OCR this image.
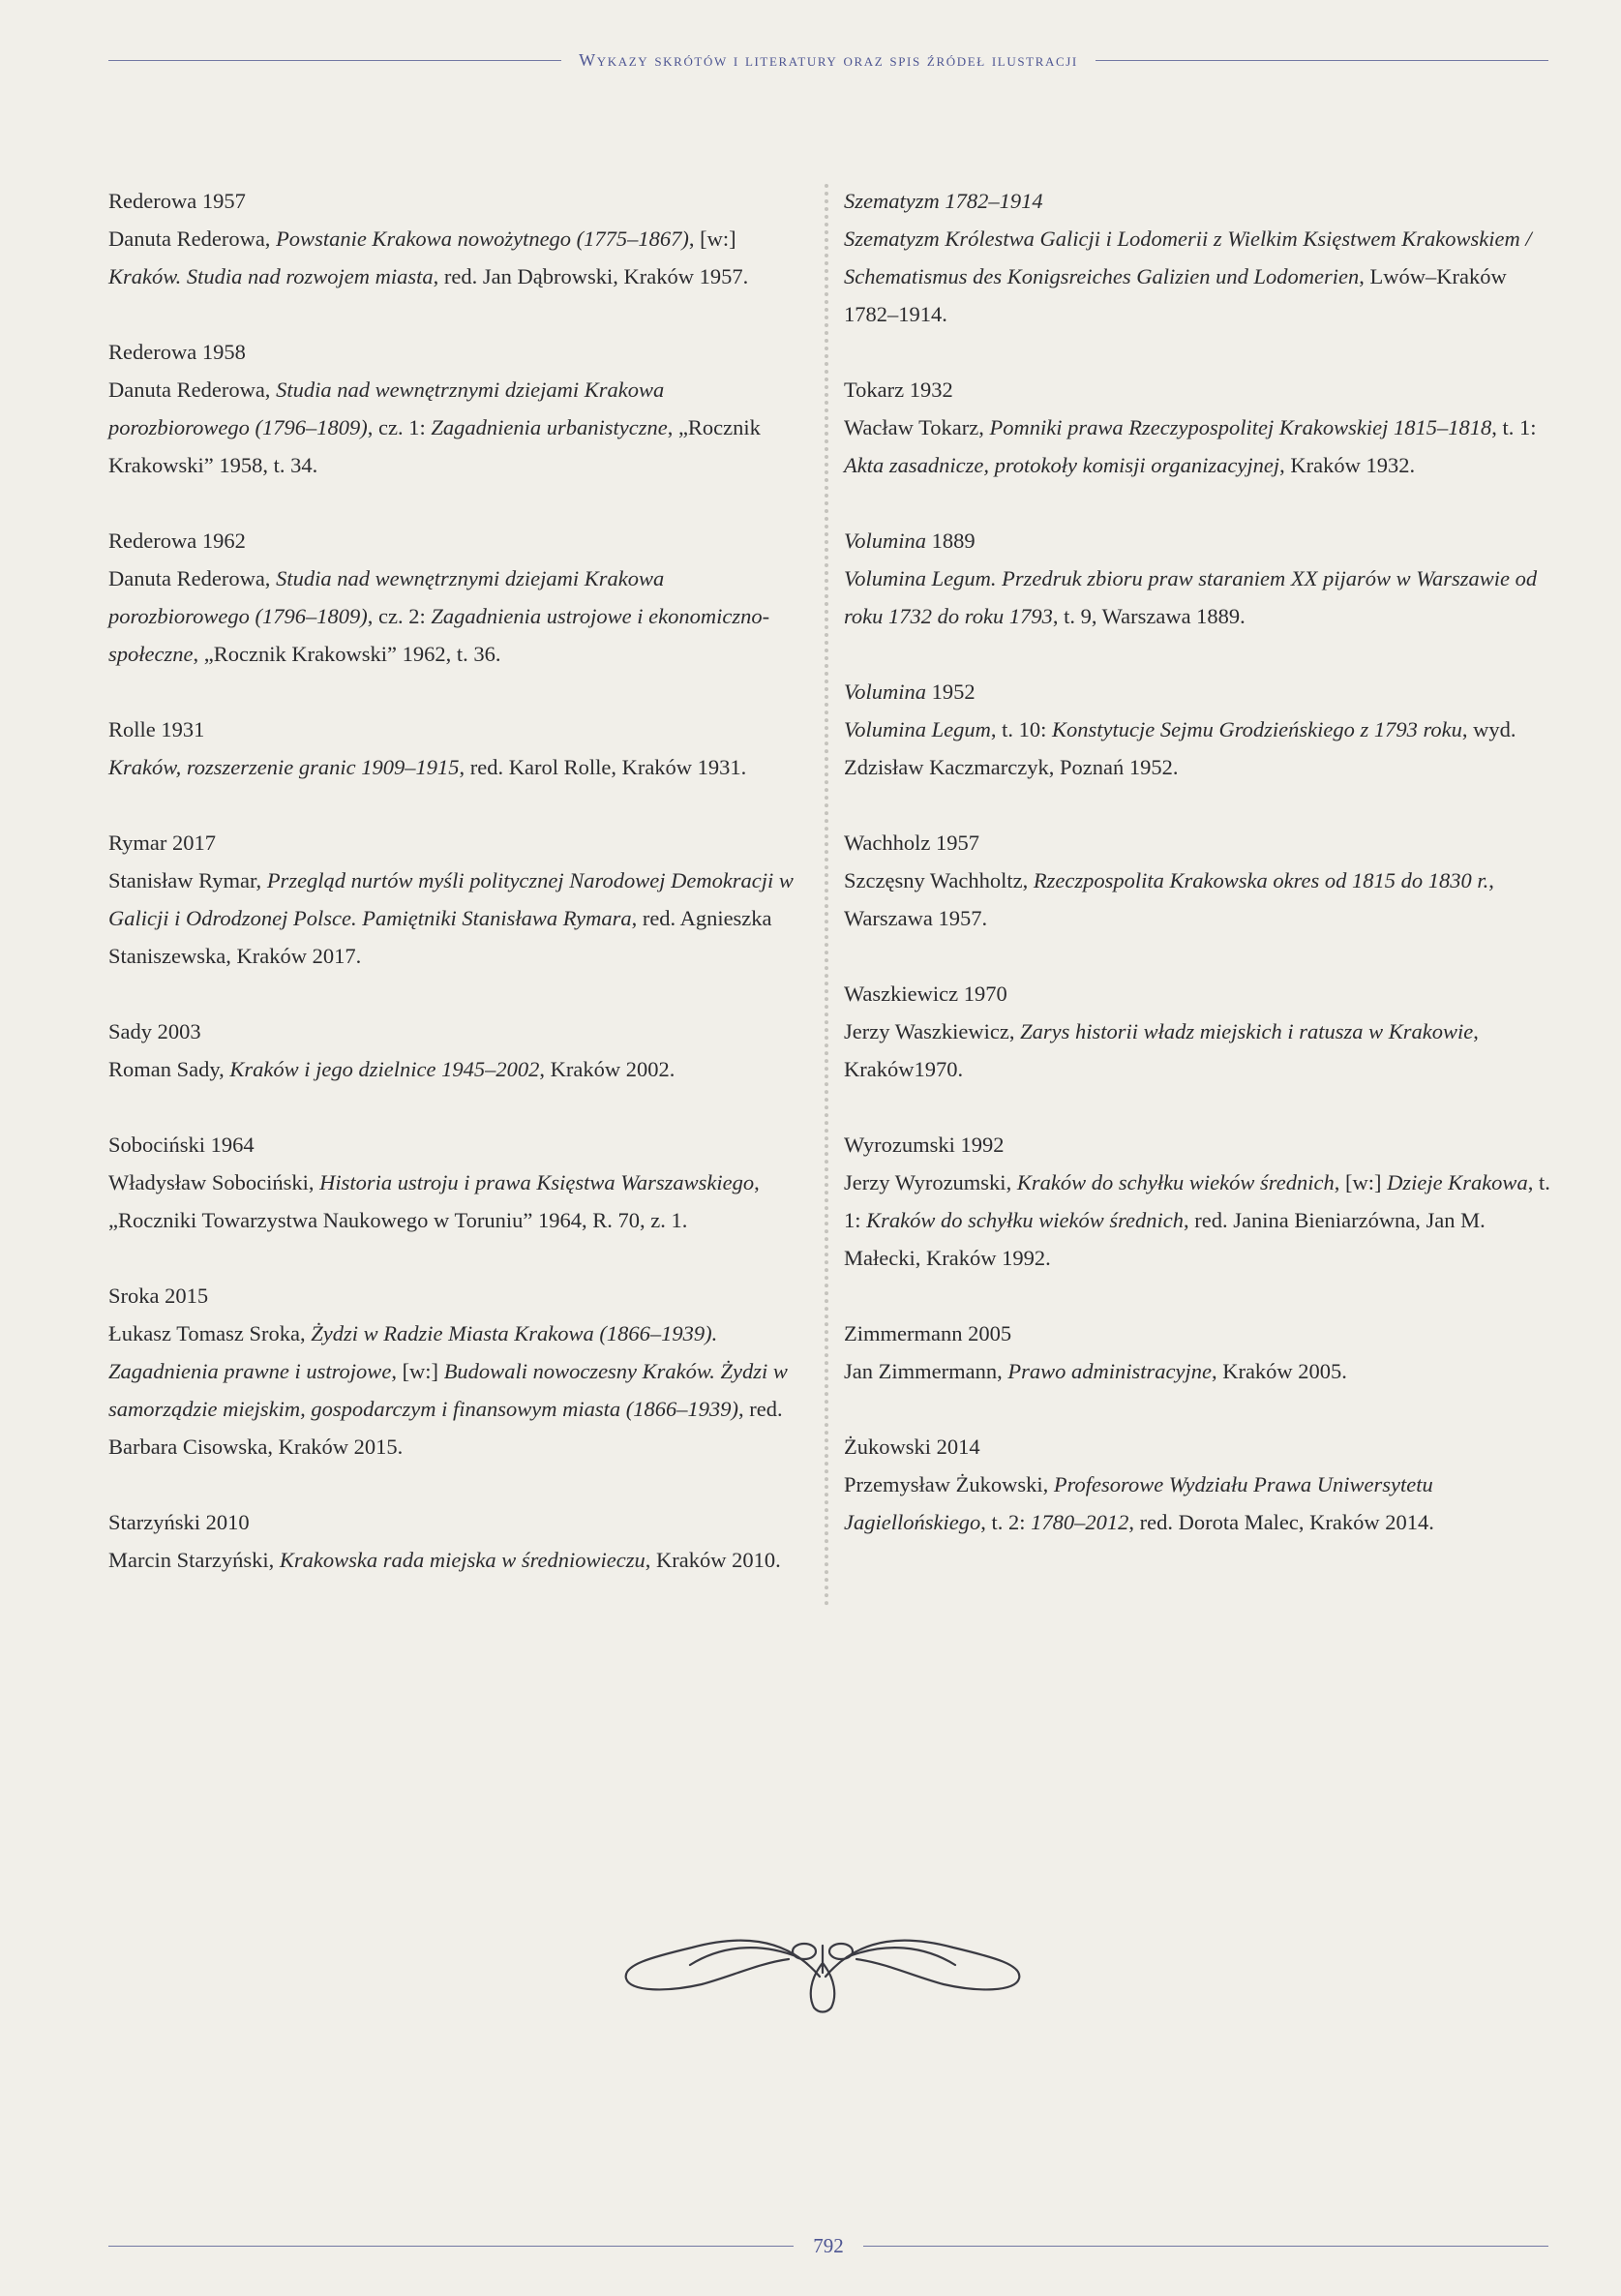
Wykazy skrótów i literatury oraz spis źródeł ilustracji
Rederowa 1957
Danuta Rederowa, Powstanie Krakowa nowożytnego (1775–1867), [w:] Kraków. Studia nad rozwojem miasta, red. Jan Dąbrowski, Kraków 1957.
Rederowa 1958
Danuta Rederowa, Studia nad wewnętrznymi dziejami Krakowa porozbiorowego (1796–1809), cz. 1: Zagadnienia urbanistyczne, „Rocznik Krakowski” 1958, t. 34.
Rederowa 1962
Danuta Rederowa, Studia nad wewnętrznymi dziejami Krakowa porozbiorowego (1796–1809), cz. 2: Zagadnienia ustrojowe i ekonomiczno-społeczne, „Rocznik Krakowski” 1962, t. 36.
Rolle 1931
Kraków, rozszerzenie granic 1909–1915, red. Karol Rolle, Kraków 1931.
Rymar 2017
Stanisław Rymar, Przegląd nurtów myśli politycznej Narodowej Demokracji w Galicji i Odrodzonej Polsce. Pamiętniki Stanisława Rymara, red. Agnieszka Staniszewska, Kraków 2017.
Sady 2003
Roman Sady, Kraków i jego dzielnice 1945–2002, Kraków 2002.
Sobociński 1964
Władysław Sobociński, Historia ustroju i prawa Księstwa Warszawskiego, „Roczniki Towarzystwa Naukowego w Toruniu” 1964, R. 70, z. 1.
Sroka 2015
Łukasz Tomasz Sroka, Żydzi w Radzie Miasta Krakowa (1866–1939). Zagadnienia prawne i ustrojowe, [w:] Budowali nowoczesny Kraków. Żydzi w samorządzie miejskim, gospodarczym i finansowym miasta (1866–1939), red. Barbara Cisowska, Kraków 2015.
Starzyński 2010
Marcin Starzyński, Krakowska rada miejska w średniowieczu, Kraków 2010.
Szematyzm 1782–1914
Szematyzm Królestwa Galicji i Lodomerii z Wielkim Księstwem Krakowskiem / Schematismus des Konigsreiches Galizien und Lodomerien, Lwów–Kraków 1782–1914.
Tokarz 1932
Wacław Tokarz, Pomniki prawa Rzeczypospolitej Krakowskiej 1815–1818, t. 1: Akta zasadnicze, protokoły komisji organizacyjnej, Kraków 1932.
Volumina 1889
Volumina Legum. Przedruk zbioru praw staraniem XX pijarów w Warszawie od roku 1732 do roku 1793, t. 9, Warszawa 1889.
Volumina 1952
Volumina Legum, t. 10: Konstytucje Sejmu Grodzieńskiego z 1793 roku, wyd. Zdzisław Kaczmarczyk, Poznań 1952.
Wachholz 1957
Szczęsny Wachholtz, Rzeczpospolita Krakowska okres od 1815 do 1830 r., Warszawa 1957.
Waszkiewicz 1970
Jerzy Waszkiewicz, Zarys historii władz miejskich i ratusza w Krakowie, Kraków1970.
Wyrozumski 1992
Jerzy Wyrozumski, Kraków do schyłku wieków średnich, [w:] Dzieje Krakowa, t. 1: Kraków do schyłku wieków średnich, red. Janina Bieniarzówna, Jan M. Małecki, Kraków 1992.
Zimmermann 2005
Jan Zimmermann, Prawo administracyjne, Kraków 2005.
Żukowski 2014
Przemysław Żukowski, Profesorowe Wydziału Prawa Uniwersytetu Jagiellońskiego, t. 2: 1780–2012, red. Dorota Malec, Kraków 2014.
792
